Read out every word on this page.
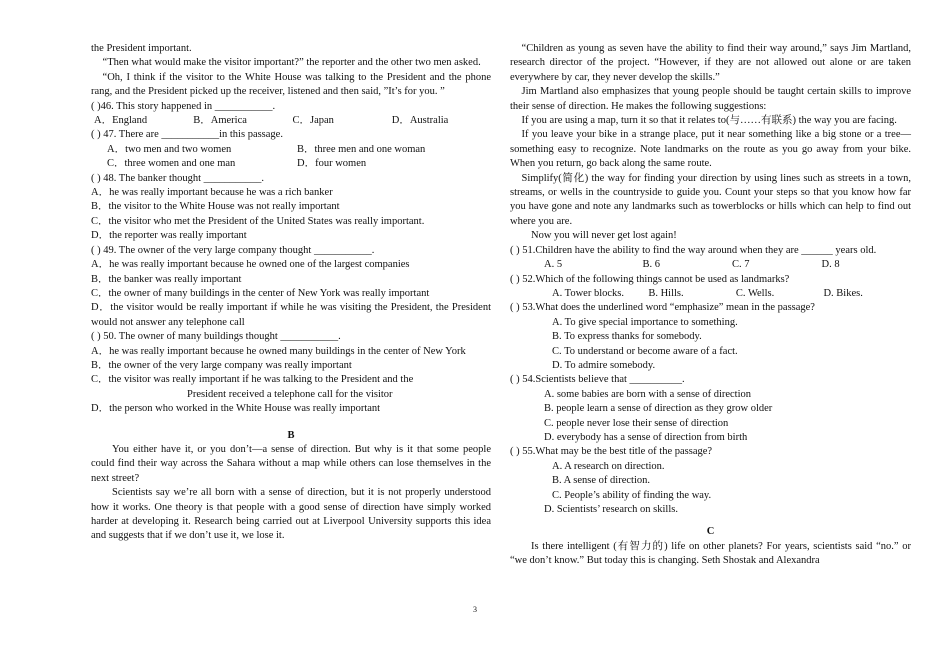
the President important.

“Then what would make the visitor important?” the reporter and the other two men asked.

“Oh, I think if the visitor to the White House was talking to the President and the phone rang, and the President picked up the receiver, listened and then said, ”It’s for you. ”

( )46. This story happened in ___________.

A．England	B．America	C．Japan	D．Australia

( ) 47. There are ___________in this passage.

A．two men and two women	B．three men and one woman
C．three women and one man	D．four women

( ) 48. The banker thought ___________.

A．he was really important because he was a rich banker

B．the visitor to the White House was not really important

C．the visitor who met the President of the United States was really important.

D．the reporter was really important

( ) 49. The owner of the very large company thought ___________.

A．he was really important because he owned one of the largest companies

B．the banker was really important

C．the owner of many buildings in the center of New York was really important

D．the visitor would be really important if while he was visiting the President, the President would not answer any telephone call

( ) 50. The owner of many buildings thought ___________.

A．he was really important because he owned many buildings in the center of New York

B．the owner of the very large company was really important

C．the visitor was really important if he was talking to the President and the

President received a telephone call for the visitor

D．the person who worked in the White House was really important

B

You either have it, or you don’t—a sense of direction. But why is it that some people could find their way across the Sahara without a map while others can lose themselves in the next street?

Scientists say we’re all born with a sense of direction, but it is not properly understood how it works. One theory is that people with a good sense of direction have simply worked harder at developing it. Research being carried out at Liverpool University supports this idea and suggests that if we don’t use it, we lose it.

“Children as young as seven have the ability to find their way around,” says Jim Martland, research director of the project. “However, if they are not allowed out alone or are taken everywhere by car, they never develop the skills.”

Jim Martland also emphasizes that young people should be taught certain skills to improve their sense of direction. He makes the following suggestions:

If you are using a map, turn it so that it relates to(与……有联系) the way you are facing.

If you leave your bike in a strange place, put it near something like a big stone or a tree—something easy to recognize. Note landmarks on the route as you go away from your bike. When you return, go back along the same route.

Simplify(简化) the way for finding your direction by using lines such as streets in a town, streams, or wells in the countryside to guide you. Count your steps so that you know how far you have gone and note any landmarks such as towerblocks or hills which can help to find out where you are.

Now you will never get lost again!

( ) 51.Children have the ability to find the way around when they are ______ years old.

A. 5	B. 6	C. 7	D. 8

( ) 52.Which of the following things cannot be used as landmarks?

A. Tower blocks.	B. Hills.	C. Wells.	D. Bikes.

( ) 53.What does the underlined word “emphasize” mean in the passage?

A. To give special importance to something.

B. To express thanks for somebody.

C. To understand or become aware of a fact.

D. To admire somebody.

( ) 54.Scientists believe that __________.

A. some babies are born with a sense of direction

B. people learn a sense of direction as they grow older

C. people never lose their sense of direction

D. everybody has a sense of direction from birth

( ) 55.What may be the best title of the passage?

A. A research on direction.

B. A sense of direction.

C. People’s ability of finding the way.

D. Scientists’ research on skills.

C

Is there intelligent (有智力的) life on other planets? For years, scientists said “no.” or “we don’t know.” But today this is changing. Seth Shostak and Alexandra

3
